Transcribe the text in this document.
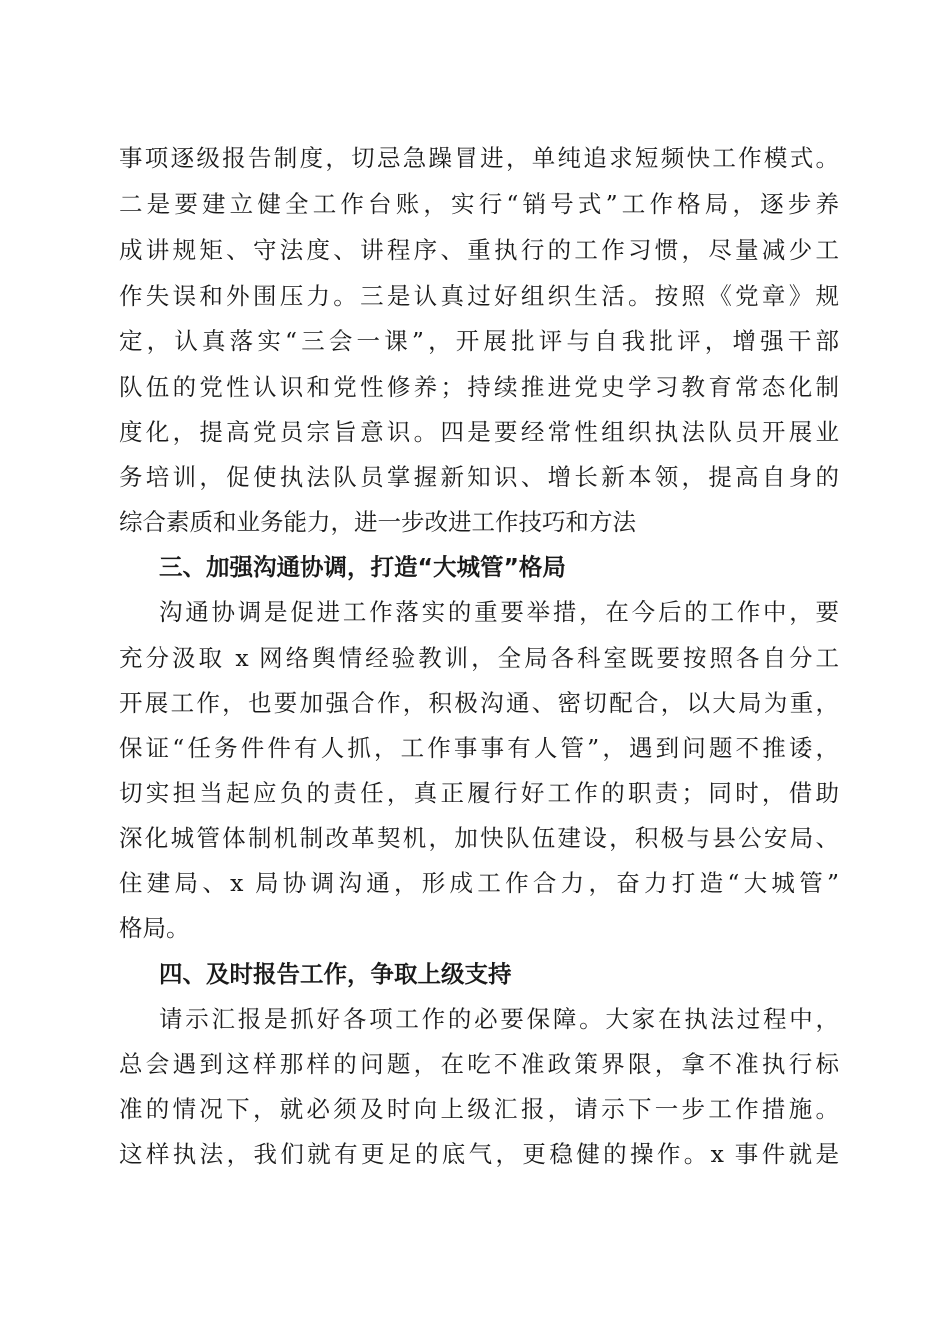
事项逐级报告制度，切忌急躁冒进，单纯追求短频快工作模式。
二是要建立健全工作台账，实行“销号式”工作格局，逐步养
成讲规矩、守法度、讲程序、重执行的工作习惯，尽量减少工
作失误和外围压力。三是认真过好组织生活。按照《党章》规
定，认真落实“三会一课”，开展批评与自我批评，增强干部
队伍的党性认识和党性修养；持续推进党史学习教育常态化制
度化，提高党员宗旨意识。四是要经常性组织执法队员开展业
务培训，促使执法队员掌握新知识、增长新本领，提高自身的
综合素质和业务能力，进一步改进工作技巧和方法
三、加强沟通协调，打造“大城管”格局
沟通协调是促进工作落实的重要举措，在今后的工作中，要
充分汲取 x 网络舆情经验教训，全局各科室既要按照各自分工
开展工作，也要加强合作，积极沟通、密切配合，以大局为重，
保证“任务件件有人抓，工作事事有人管”，遇到问题不推诿，
切实担当起应负的责任，真正履行好工作的职责；同时，借助
深化城管体制机制改革契机，加快队伍建设，积极与县公安局、
住建局、x 局协调沟通，形成工作合力，奋力打造“大城管”
格局。
四、及时报告工作，争取上级支持
请示汇报是抓好各项工作的必要保障。大家在执法过程中，
总会遇到这样那样的问题，在吃不准政策界限，拿不准执行标
准的情况下，就必须及时向上级汇报，请示下一步工作措施。
这样执法，我们就有更足的底气，更稳健的操作。x 事件就是
